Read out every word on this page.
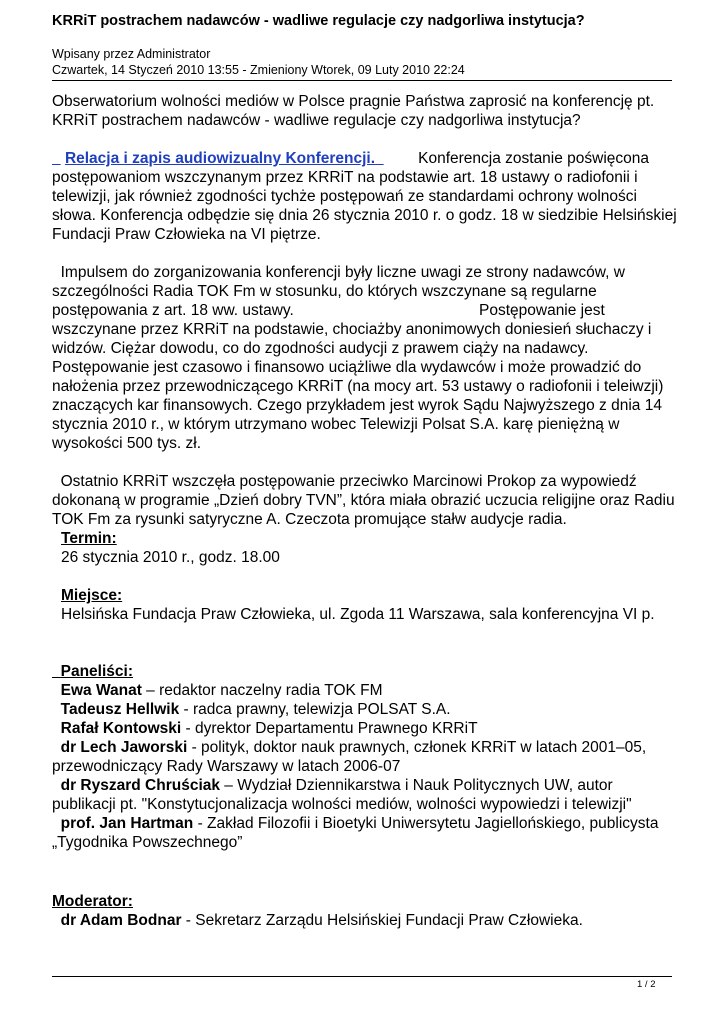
KRRiT postrachem nadawców - wadliwe regulacje czy nadgorliwa instytucja?
Wpisany przez Administrator
Czwartek, 14 Styczeń 2010 13:55 - Zmieniony Wtorek, 09 Luty 2010 22:24

Obserwatorium wolności mediów w Polsce pragnie Państwa zaprosić na konferencję pt. KRRiT postrachem nadawców - wadliwe regulacje czy nadgorliwa instytucja?

Relacja i zapis audiowizualny Konferencji.	Konferencja zostanie poświęcona postępowaniom wszczynanym przez KRRiT na podstawie art. 18 ustawy o radiofonii i telewizji, jak również zgodności tychże postępowań ze standardami ochrony wolności słowa. Konferencja odbędzie się dnia 26 stycznia 2010 r. o godz. 18 w siedzibie Helsińskiej Fundacji Praw Człowieka na VI piętrze.

Impulsem do zorganizowania konferencji były liczne uwagi ze strony nadawców, w szczególności Radia TOK Fm w stosunku, do których wszczynane są regularne postępowania z art. 18 ww. ustawy.	Postępowanie jest wszczynane przez KRRiT na podstawie, chociażby anonimowych doniesień słuchaczy i widzów. Ciężar dowodu, co do zgodności audycji z prawem ciąży na nadawcy. Postępowanie jest czasowo i finansowo uciążliwe dla wydawców i może prowadzić do nałożenia przez przewodniczącego KRRiT (na mocy art. 53 ustawy o radiofonii i teleiwzji) znaczących kar finansowych. Czego przykładem jest wyrok Sądu Najwyższego z dnia 14 stycznia 2010 r., w którym utrzymano wobec Telewizji Polsat S.A. karę pieniężną w wysokości 500 tys. zł.

Ostatnio KRRiT wszczęła postępowanie przeciwko Marcinowi Prokop za wypowiedź dokonaną w programie „Dzień dobry TVN”, która miała obrazić uczucia religijne oraz Radiu TOK Fm za rysunki satyryczne A. Czeczota promujące stałw audycje radia.

Termin:
26 stycznia 2010 r., godz. 18.00

Miejsce:
Helsińska Fundacja Praw Człowieka, ul. Zgoda 11 Warszawa, sala konferencyjna VI p.

Paneliści:
Ewa Wanat – redaktor naczelny radia TOK FM
Tadeusz Hellwik - radca prawny, telewizja POLSAT S.A.
Rafał Kontowski - dyrektor Departamentu Prawnego KRRiT
dr Lech Jaworski - polityk, doktor nauk prawnych, członek KRRiT w latach 2001–05, przewodniczący Rady Warszawy w latach 2006-07
dr Ryszard Chruściak – Wydział Dziennikarstwa i Nauk Politycznych UW, autor publikacji pt. "Konstytucjonalizacja wolności mediów, wolności wypowiedzi i telewizji"
prof. Jan Hartman - Zakład Filozofii i Bioetyki Uniwersytetu Jagiellońskiego, publicysta „Tygodnika Powszechnego”

Moderator:
dr Adam Bodnar - Sekretarz Zarządu Helsińskiej Fundacji Praw Człowieka.

1 / 2
